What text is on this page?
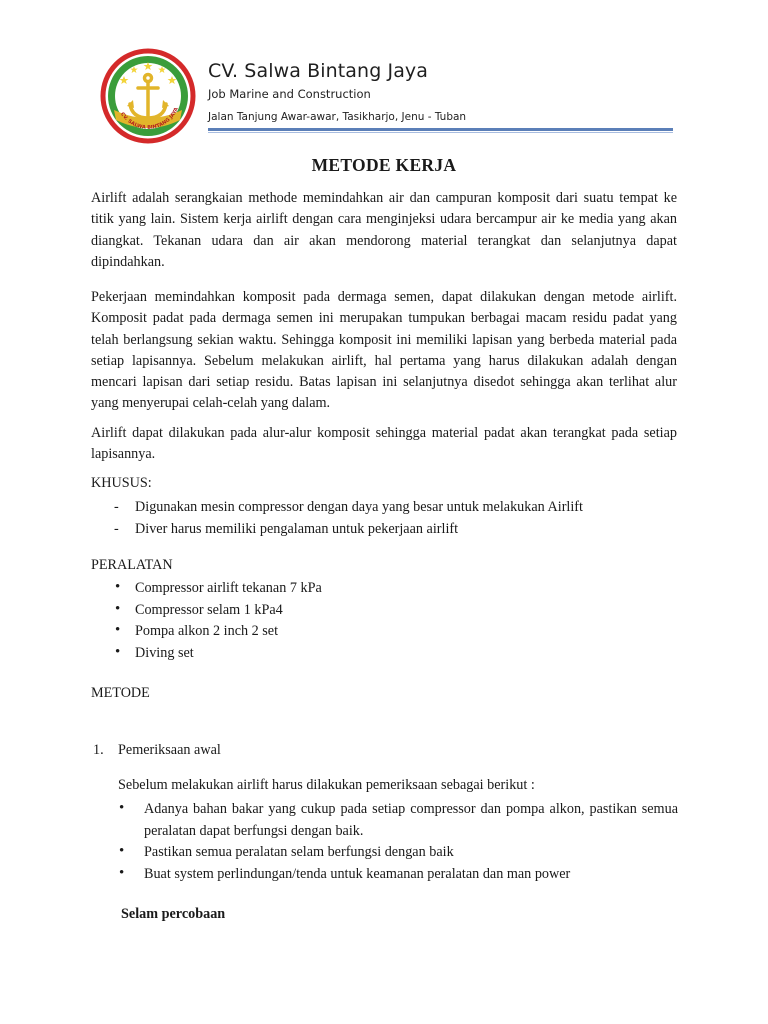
CV. SALWA BINTANG JAYA
CV. Salwa Bintang Jaya
Job Marine and Construction
Jalan Tanjung Awar-awar, Tasikharjo, Jenu - Tuban
METODE KERJA
Airlift adalah serangkaian methode memindahkan air dan campuran komposit dari suatu tempat ke titik yang lain. Sistem kerja airlift dengan cara menginjeksi udara bercampur air ke media yang akan diangkat. Tekanan udara dan air akan mendorong material terangkat dan selanjutnya dapat dipindahkan.
Pekerjaan memindahkan komposit pada dermaga semen, dapat dilakukan dengan metode airlift. Komposit padat pada dermaga semen ini merupakan tumpukan berbagai macam residu padat yang telah berlangsung sekian waktu. Sehingga komposit ini memiliki lapisan yang berbeda material pada setiap lapisannya. Sebelum melakukan airlift, hal pertama yang harus dilakukan adalah dengan mencari lapisan dari setiap residu. Batas lapisan ini selanjutnya disedot sehingga akan terlihat alur yang menyerupai celah-celah yang dalam.
Airlift dapat dilakukan pada alur-alur komposit sehingga material padat akan terangkat pada setiap lapisannya.
KHUSUS:
- Digunakan mesin compressor dengan daya yang besar untuk melakukan Airlift
- Diver harus memiliki pengalaman untuk pekerjaan airlift
PERALATAN
• Compressor airlift tekanan 7 kPa
• Compressor selam 1 kPa4
• Pompa alkon 2 inch 2 set
• Diving set
METODE
1. Pemeriksaan awal
Sebelum melakukan airlift harus dilakukan pemeriksaan sebagai berikut :
• Adanya bahan bakar yang cukup pada setiap compressor dan pompa alkon, pastikan semua peralatan dapat berfungsi dengan baik.
• Pastikan semua peralatan selam berfungsi dengan baik
• Buat system perlindungan/tenda untuk keamanan peralatan dan man power
Selam percobaan
